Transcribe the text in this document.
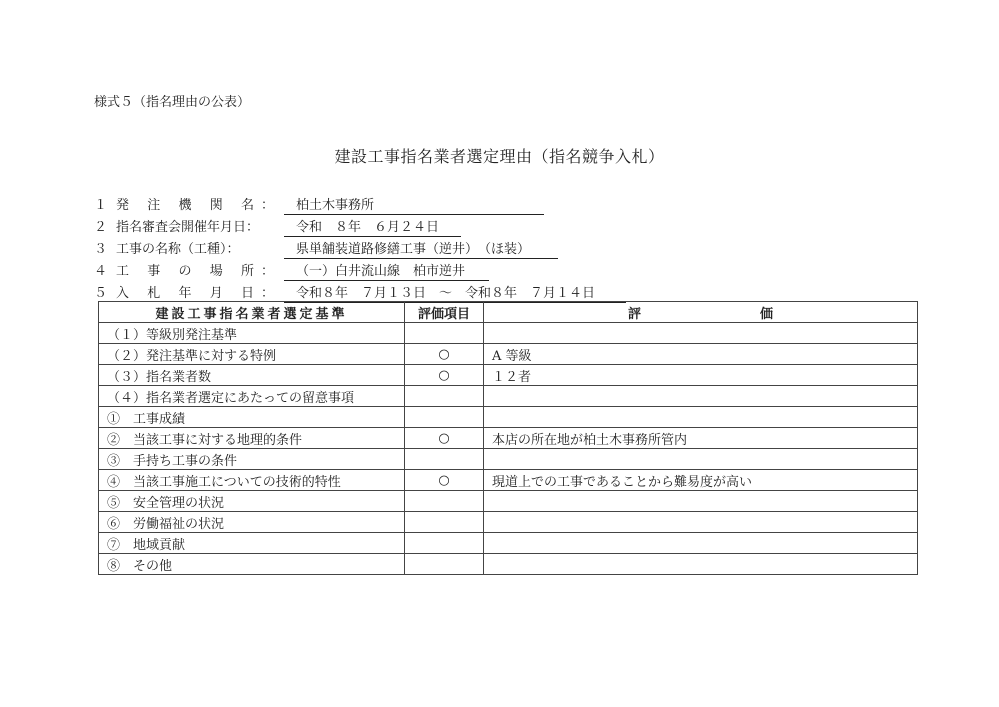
様式５（指名理由の公表）
建設工事指名業者選定理由（指名競争入札）
１ 発 注 機 関 名：	柏土木事務所
２ 指名審査会開催年月日：	令和　８年　６月２４日
３ 工事の名称（工種）：	県単舗装道路修繕工事（逆井）　（ほ装）
４ 工 事 の 場 所：	（一）白井流山線　柏市逆井
５ 入 札 年 月 日：	令和８年　７月１３日　～　令和８年　７月１４日
建設工事指名業者選定基準	評価項目	評 価
（１）等級別発注基準		
（２）発注基準に対する特例	○	A 等級
（３）指名業者数	○	１２者
（４）指名業者選定にあたっての留意事項		
①　工事成績		
②　当該工事に対する地理的条件	○	本店の所在地が柏土木事務所管内
③　手持ち工事の条件		
④　当該工事施工についての技術的特性	○	現道上での工事であることから難易度が高い
⑤　安全管理の状況		
⑥　労働福祉の状況		
⑦　地域貢献		
⑧　その他		
